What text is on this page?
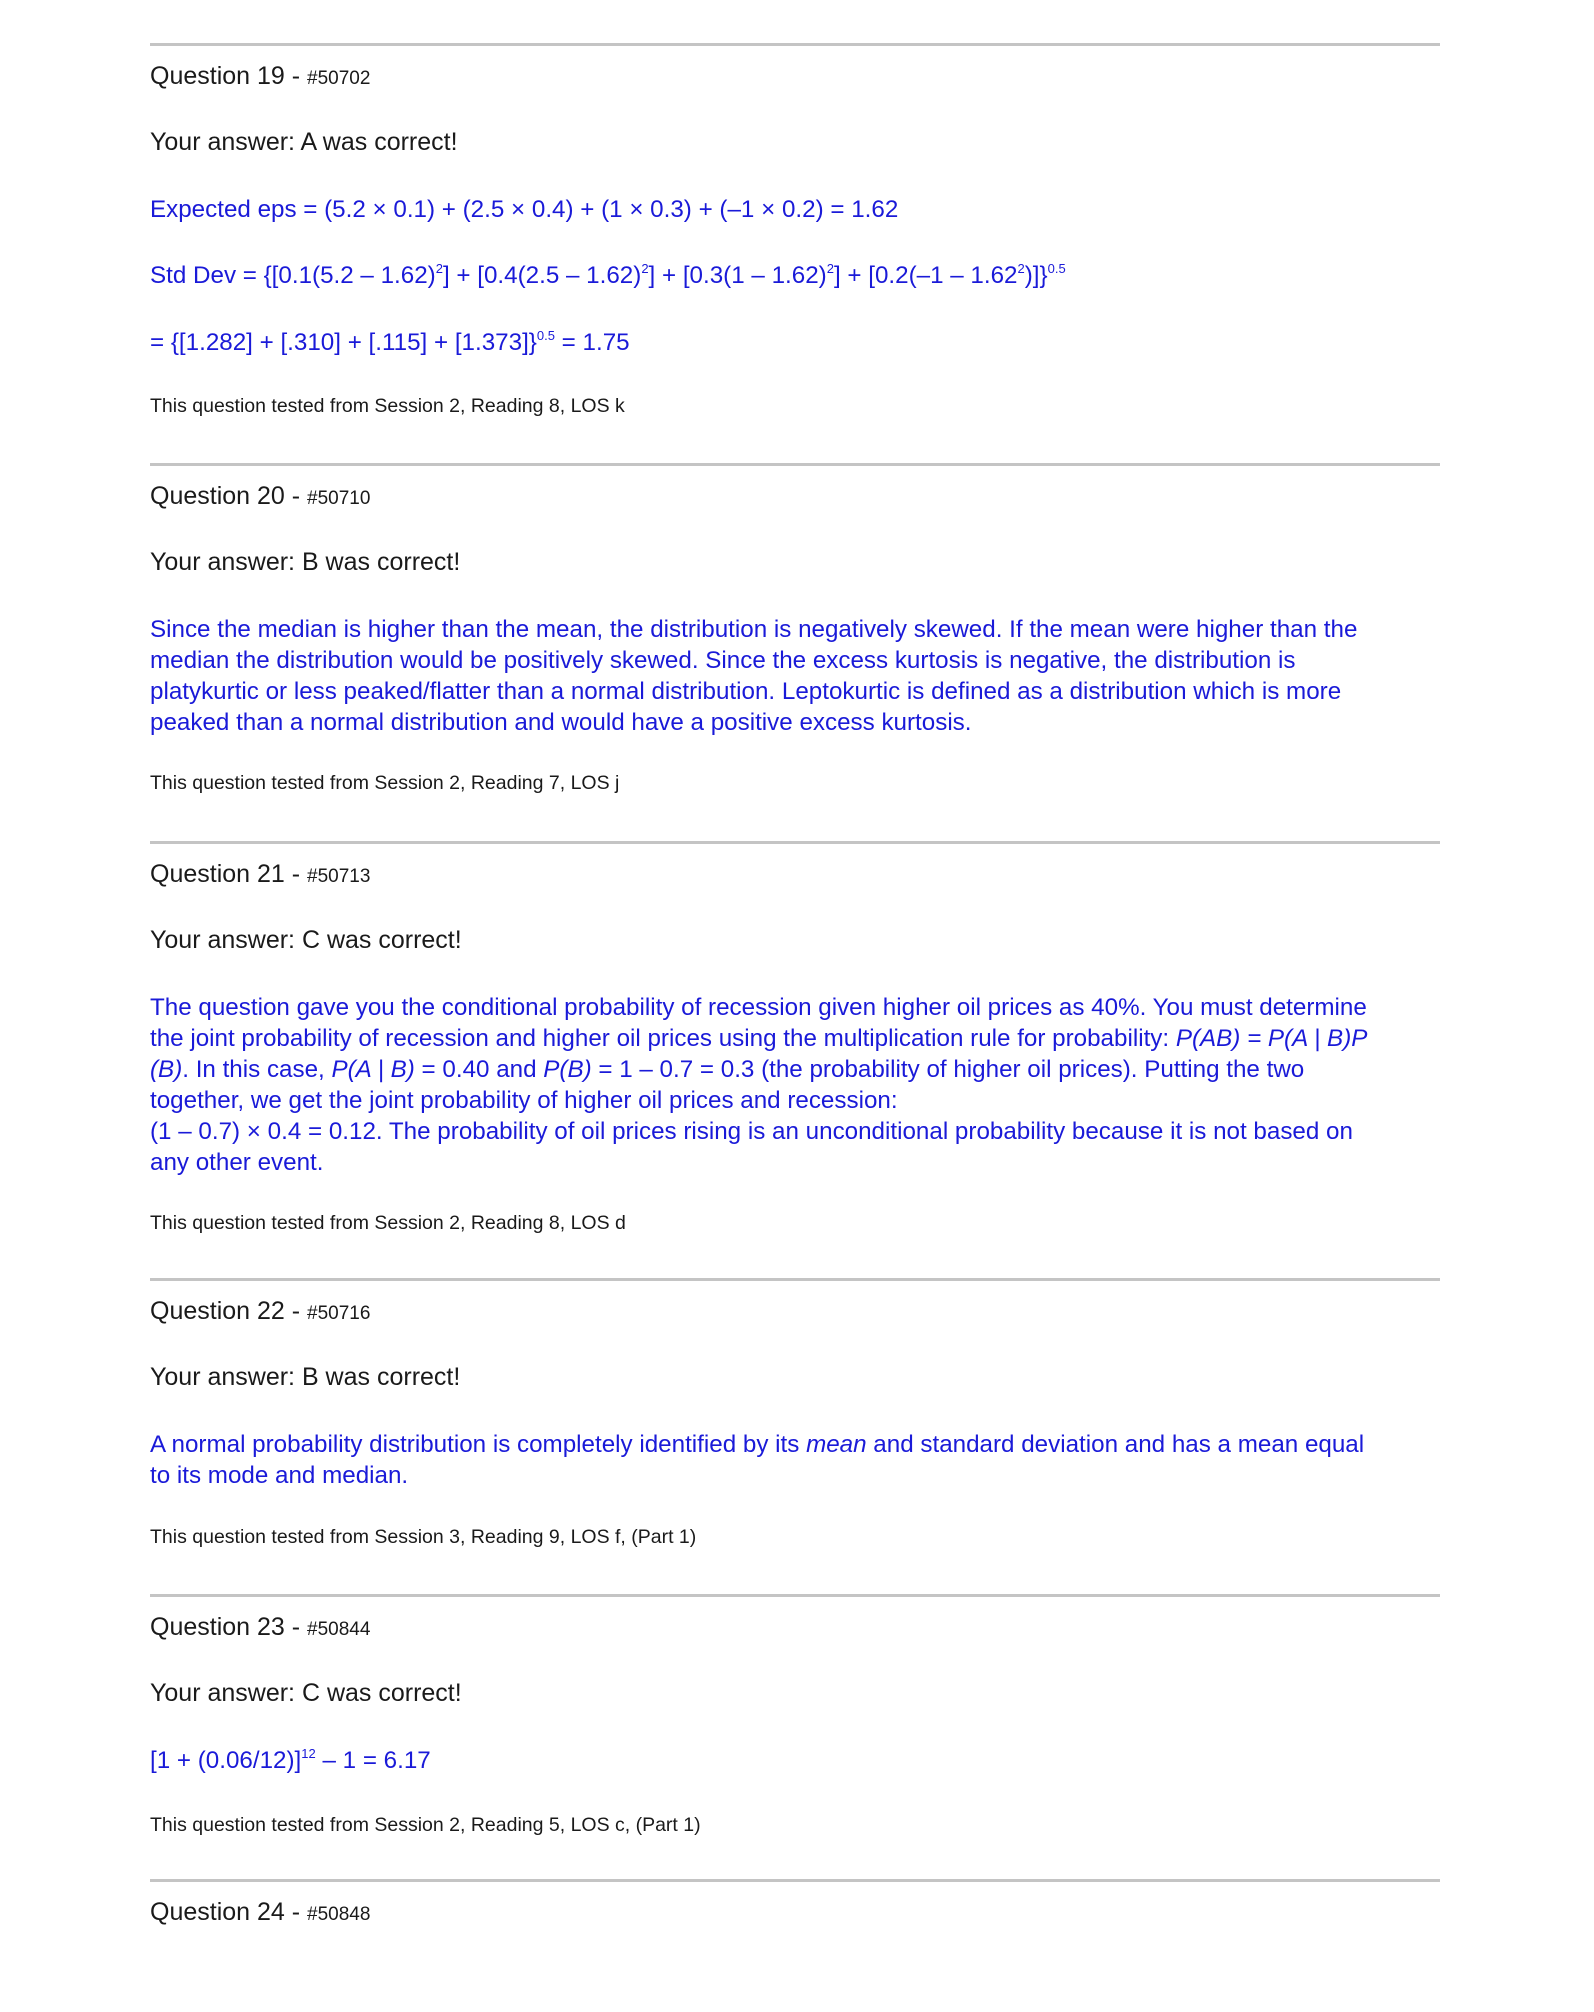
Question 19 - #50702
Your answer: A was correct!
Expected eps = (5.2 × 0.1) + (2.5 × 0.4) + (1 × 0.3) + (–1 × 0.2) = 1.62
Std Dev = $\{[0.1(5.2 - 1.62)^2] + [0.4(2.5 - 1.62)^2] + [0.3(1 - 1.62)^2] + [0.2(-1 - 1.62^2)]\}^{0.5}$
= $\{[1.282] + [.310] + [.115] + [1.373]\}^{0.5} = 1.75$
This question tested from Session 2, Reading 8, LOS k
Question 20 - #50710
Your answer: B was correct!
Since the median is higher than the mean, the distribution is negatively skewed. If the mean were higher than the
median the distribution would be positively skewed. Since the excess kurtosis is negative, the distribution is
platykurtic or less peaked/flatter than a normal distribution. Leptokurtic is defined as a distribution which is more
peaked than a normal distribution and would have a positive excess kurtosis.
This question tested from Session 2, Reading 7, LOS j
Question 21 - #50713
Your answer: C was correct!
The question gave you the conditional probability of recession given higher oil prices as 40%. You must determine
the joint probability of recession and higher oil prices using the multiplication rule for probability: P(AB) = P(A | B)P
(B). In this case, P(A | B) = 0.40 and P(B) = 1 – 0.7 = 0.3 (the probability of higher oil prices). Putting the two
together, we get the joint probability of higher oil prices and recession:
(1 – 0.7) × 0.4 = 0.12. The probability of oil prices rising is an unconditional probability because it is not based on
any other event.
This question tested from Session 2, Reading 8, LOS d
Question 22 - #50716
Your answer: B was correct!
A normal probability distribution is completely identified by its mean and standard deviation and has a mean equal
to its mode and median.
This question tested from Session 3, Reading 9, LOS f, (Part 1)
Question 23 - #50844
Your answer: C was correct!
$[1 + (0.06/12)]^{12} - 1 = 6.17$
This question tested from Session 2, Reading 5, LOS c, (Part 1)
Question 24 - #50848
